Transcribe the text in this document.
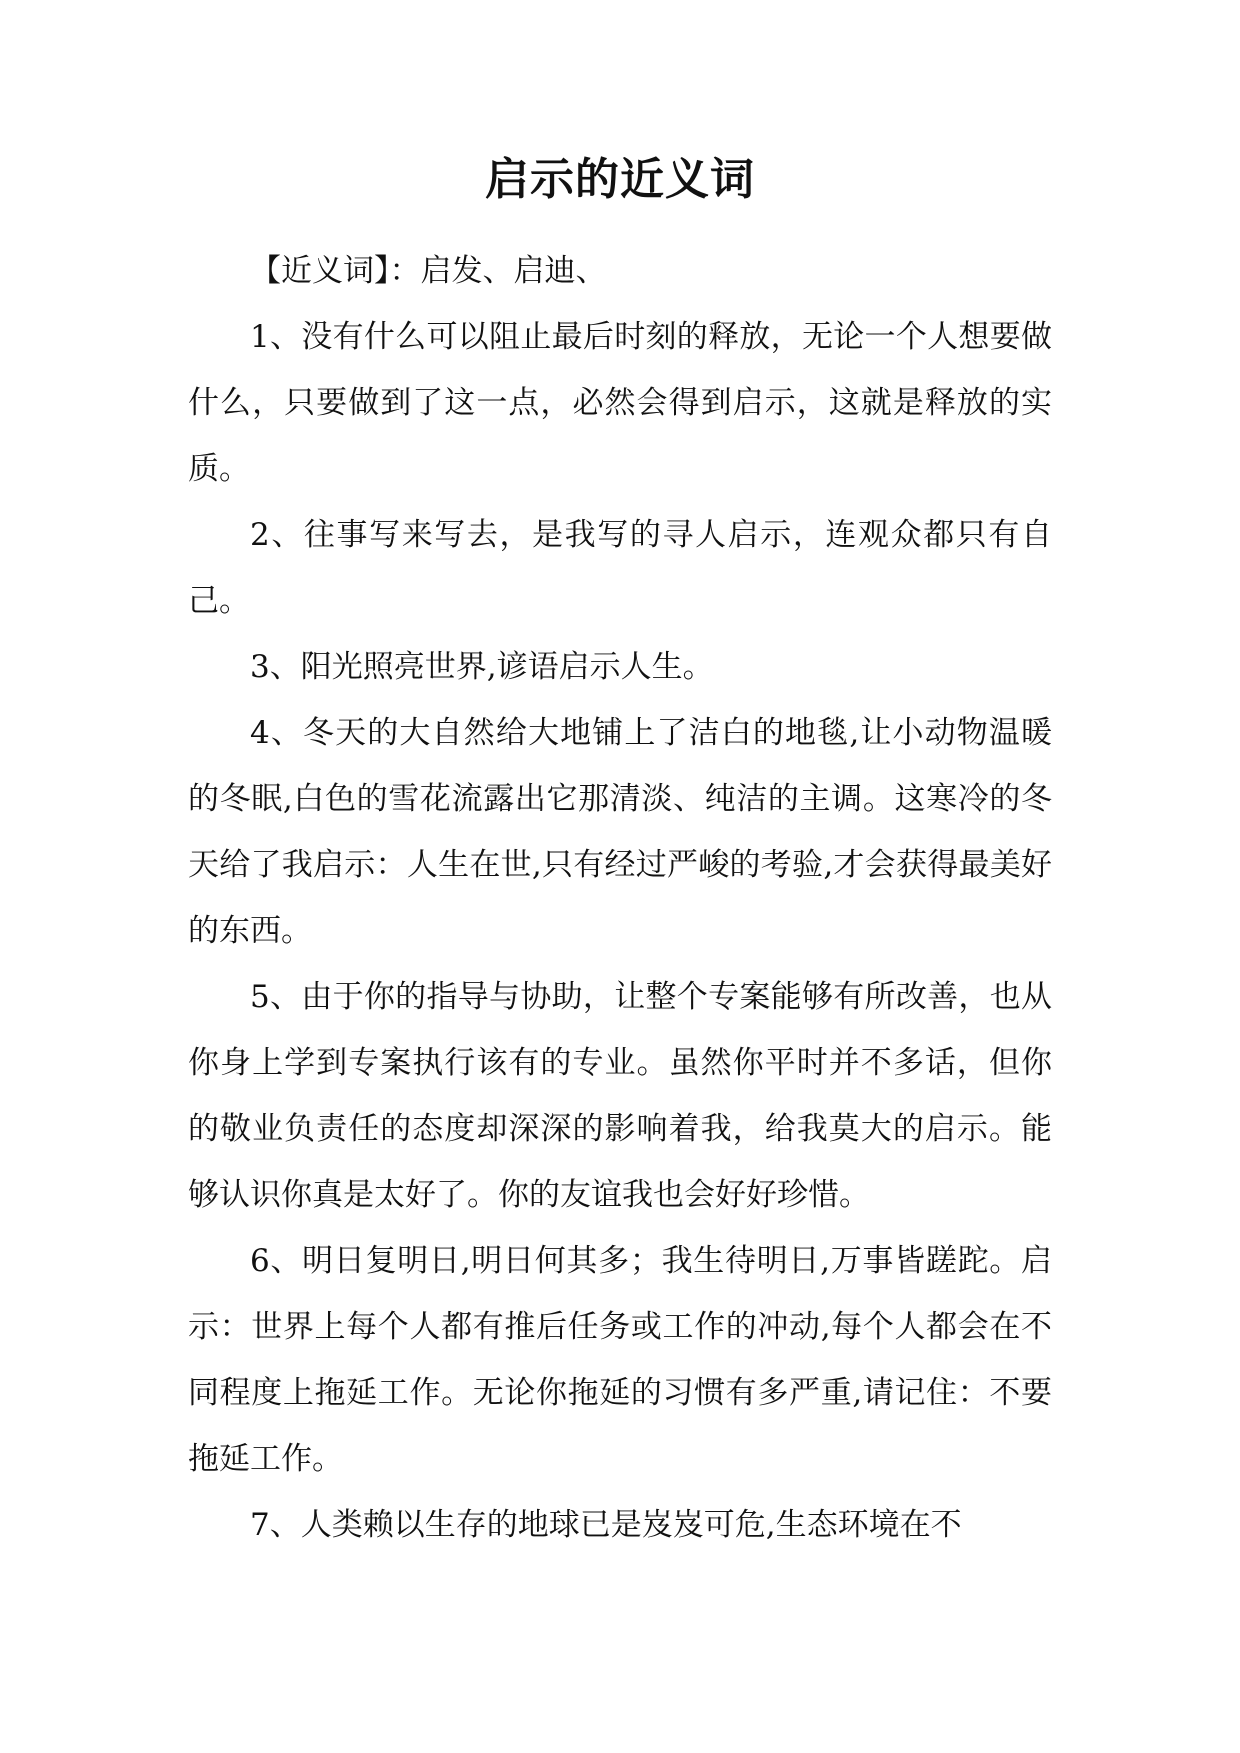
启示的近义词

【近义词】：启发、启迪、

1、没有什么可以阻止最后时刻的释放，无论一个人想要做什么，只要做到了这一点，必然会得到启示，这就是释放的实质。

2、往事写来写去，是我写的寻人启示，连观众都只有自己。

3、阳光照亮世界,谚语启示人生。

4、冬天的大自然给大地铺上了洁白的地毯,让小动物温暖的冬眠,白色的雪花流露出它那清淡、纯洁的主调。这寒冷的冬天给了我启示：人生在世,只有经过严峻的考验,才会获得最美好的东西。

5、由于你的指导与协助，让整个专案能够有所改善，也从你身上学到专案执行该有的专业。虽然你平时并不多话，但你的敬业负责任的态度却深深的影响着我，给我莫大的启示。能够认识你真是太好了。你的友谊我也会好好珍惜。

6、明日复明日,明日何其多；我生待明日,万事皆蹉跎。启示：世界上每个人都有推后任务或工作的冲动,每个人都会在不同程度上拖延工作。无论你拖延的习惯有多严重,请记住：不要拖延工作。

7、人类赖以生存的地球已是岌岌可危,生态环境在不
